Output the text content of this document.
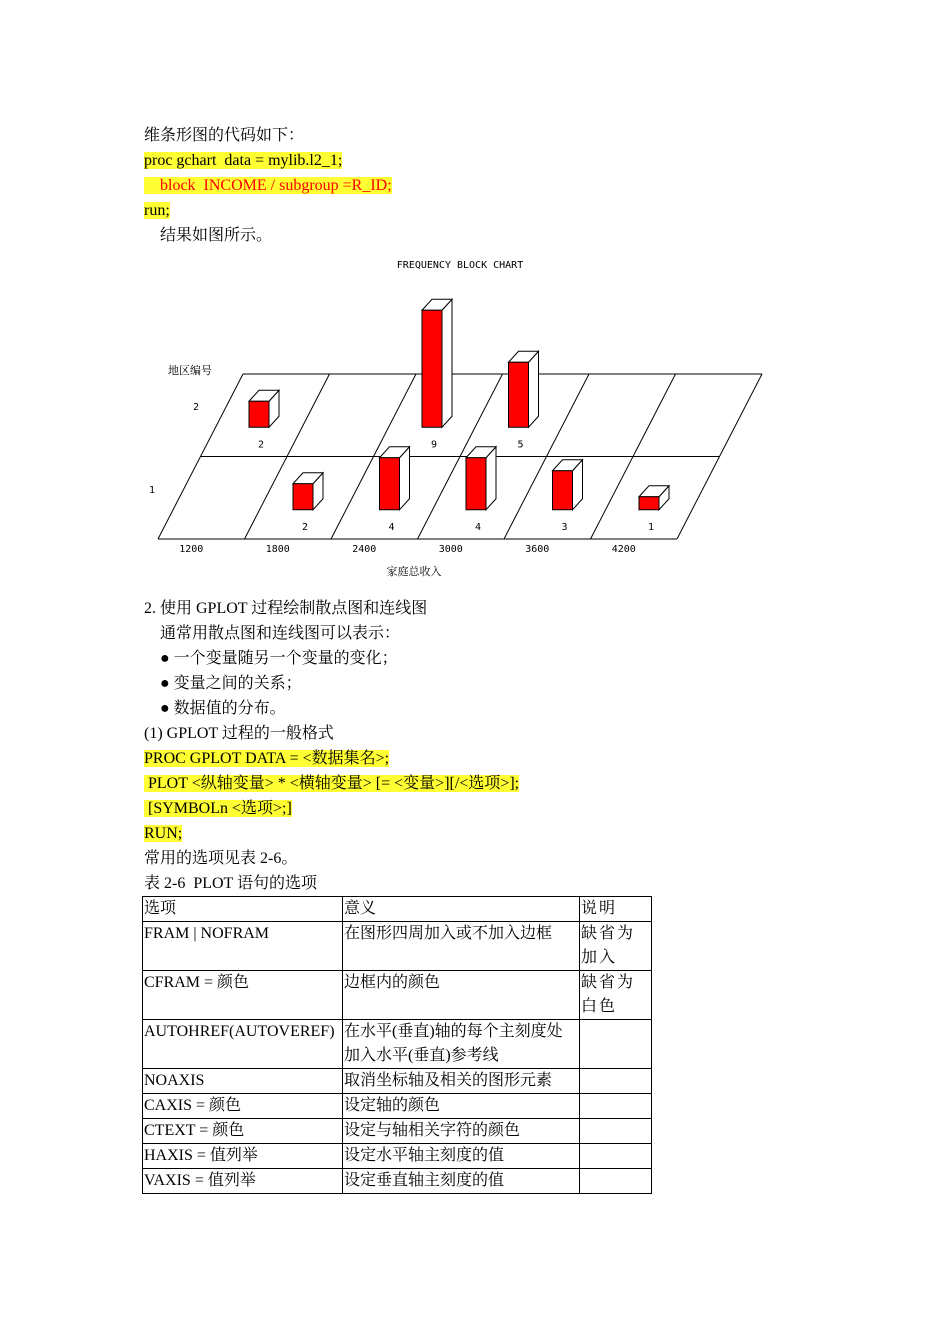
维条形图的代码如下：
proc gchart  data = mylib.l2_1;
block  INCOME / subgroup =R_ID;
run;
结果如图所示。
FREQUENCY BLOCK CHART
地区编号
2
1
1200	1800	2400	3000	3600	4200
2	9	5
2	4	4	3	1
家庭总收入
2. 使用 GPLOT 过程绘制散点图和连线图
通常用散点图和连线图可以表示：
● 一个变量随另一个变量的变化；
● 变量之间的关系；
● 数据值的分布。
(1) GPLOT 过程的一般格式
PROC GPLOT DATA = <数据集名>;
PLOT <纵轴变量> * <横轴变量> [= <变量>][/<选项>];
[SYMBOLn <选项>;]
RUN;
常用的选项见表 2-6。
表 2-6  PLOT 语句的选项
选项	意义	说明
FRAM | NOFRAM	在图形四周加入或不加入边框	缺省为加入
CFRAM = 颜色	边框内的颜色	缺省为白色
AUTOHREF(AUTOVEREF)	在水平(垂直)轴的每个主刻度处加入水平(垂直)参考线	
NOAXIS	取消坐标轴及相关的图形元素	
CAXIS = 颜色	设定轴的颜色	
CTEXT = 颜色	设定与轴相关字符的颜色	
HAXIS = 值列举	设定水平轴主刻度的值	
VAXIS = 值列举	设定垂直轴主刻度的值	
